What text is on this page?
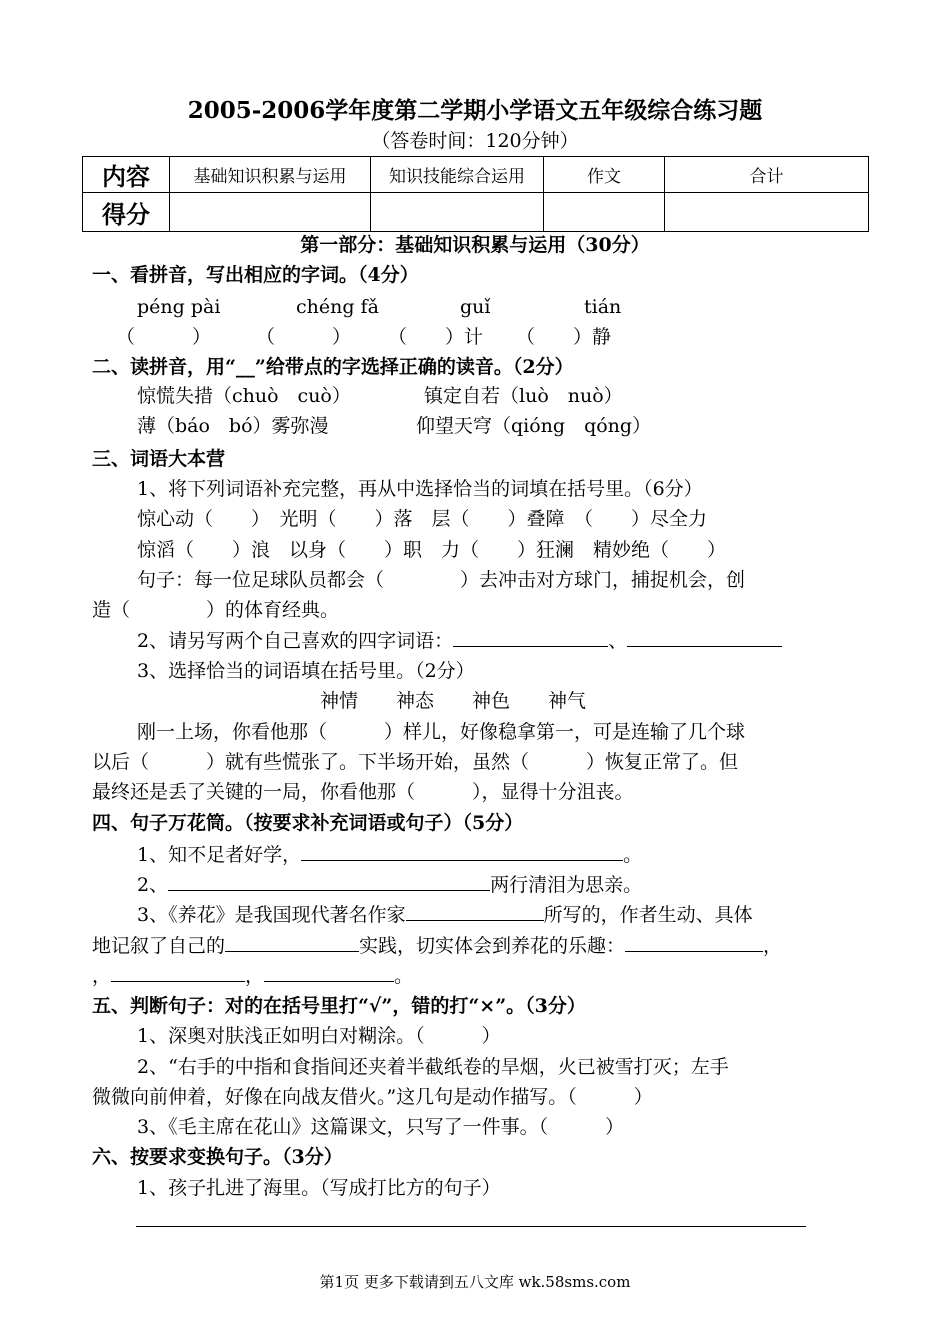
2005-2006学年度第二学期小学语文五年级综合练习题
（答卷时间：120分钟）
内容	基础知识积累与运用	知识技能综合运用	作文	合计
得分				
第一部分：基础知识积累与运用（30分）
一、看拼音，写出相应的字词。（4分）
péng pài	chéng fǎ	guǐ	tián
（　　　） （　　　） （　　）计 （　　）静
二、读拼音，用“__”给带点的字选择正确的读音。（2分）
惊慌失措（chuò　cuò）	镇定自若（luò　nuò）
薄（báo　bó）雾弥漫	仰望天穹（qióng　qóng）
三、词语大本营
1、将下列词语补充完整，再从中选择恰当的词填在括号里。（6分）
惊心动（　　）　光明（　　）落　层（　　）叠障　（　　）尽全力
惊滔（　　）浪　以身（　　）职　力（　　）狂澜　精妙绝（　　）
句子：每一位足球队员都会（　　　　）去冲击对方球门，捕捉机会，创
造（　　　　）的体育经典。
2、请另写两个自己喜欢的四字词语：	、
3、选择恰当的词语填在括号里。（2分）
神情　　神态　　神色　　神气
刚一上场，你看他那（　　　）样儿，好像稳拿第一，可是连输了几个球
以后（　　　）就有些慌张了。下半场开始，虽然（　　　）恢复正常了。但
最终还是丢了关键的一局，你看他那（　　　），显得十分沮丧。
四、句子万花筒。（按要求补充词语或句子）（5分）
1、知不足者好学，	。
2、	两行清泪为思亲。
3、《养花》是我国现代著名作家	所写的，作者生动、具体
地记叙了自己的	实践，切实体会到养花的乐趣：	，
，	，	。
五、判断句子：对的在括号里打“√”，错的打“×”。（3分）
1、深奥对肤浅正如明白对糊涂。（　　　）
2、“右手的中指和食指间还夹着半截纸卷的旱烟，火已被雪打灭；左手
微微向前伸着，好像在向战友借火。”这几句是动作描写。（　　　）
3、《毛主席在花山》这篇课文，只写了一件事。（　　　）
六、按要求变换句子。（3分）
1、孩子扎进了海里。（写成打比方的句子）
第1页 更多下载请到五八文库 wk.58sms.com
